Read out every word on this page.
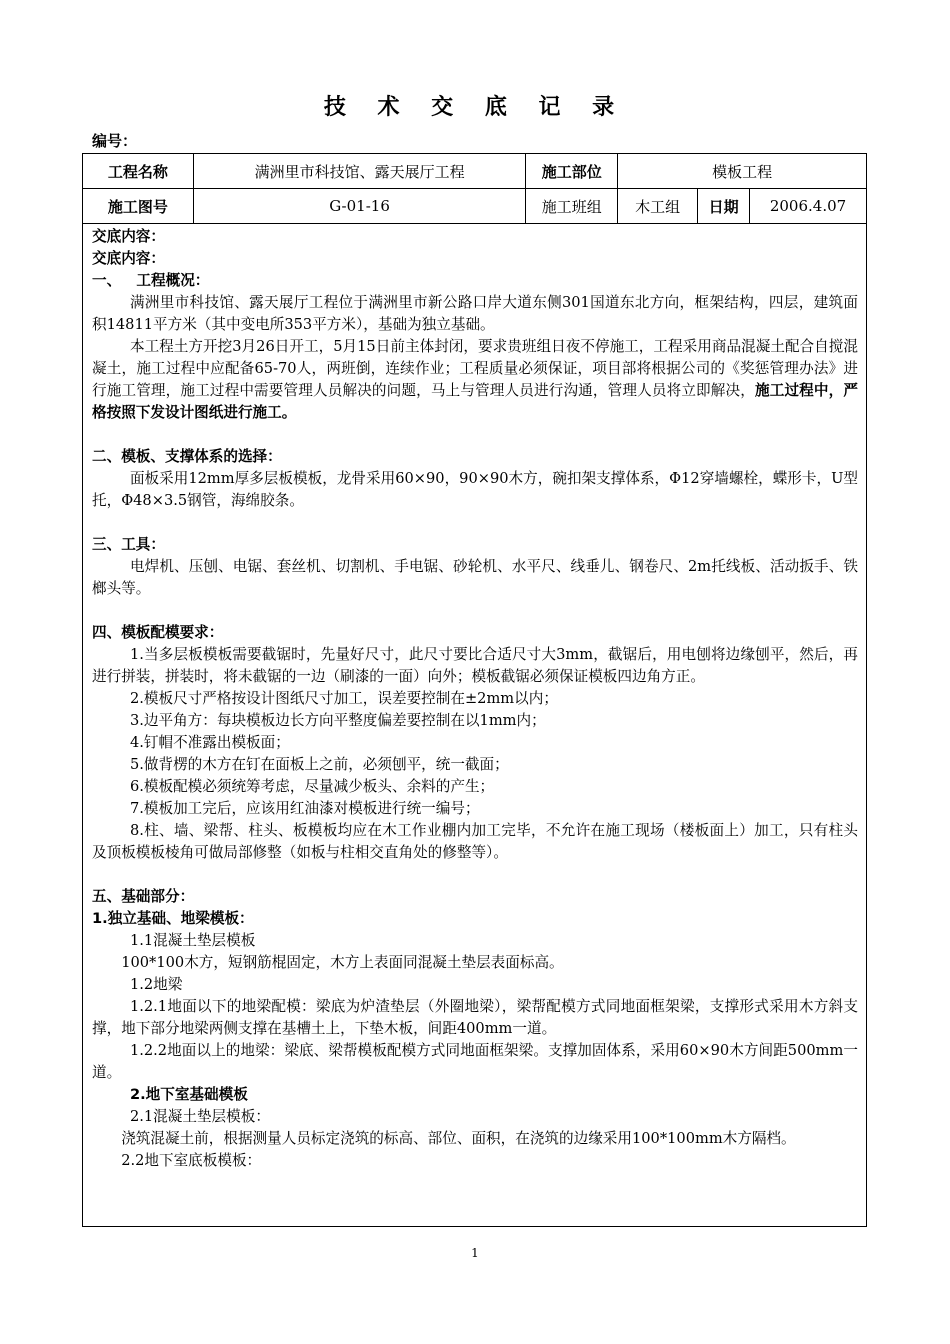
技 术 交 底 记 录
编号：
工程名称	满洲里市科技馆、露天展厅工程	施工部位	模板工程		
施工图号	G-01-16	施工班组	木工组	日期	2006.4.07

交底内容：

交底内容：

一、   工程概况：

满洲里市科技馆、露天展厅工程位于满洲里市新公路口岸大道东侧301国道东北方向，框架结构，四层，建筑面积14811平方米（其中变电所353平方米），基础为独立基础。

本工程土方开挖3月26日开工，5月15日前主体封闭，要求贵班组日夜不停施工，工程采用商品混凝土配合自搅混凝土，施工过程中应配备65-70人，两班倒，连续作业；工程质量必须保证，项目部将根据公司的《奖惩管理办法》进行施工管理，施工过程中需要管理人员解决的问题，马上与管理人员进行沟通，管理人员将立即解决，施工过程中，严格按照下发设计图纸进行施工。

二、模板、支撑体系的选择：

面板采用12mm厚多层板模板，龙骨采用60×90，90×90木方，碗扣架支撑体系，Φ12穿墙螺栓，蝶形卡，U型托，Φ48×3.5钢管，海绵胶条。

三、工具：

电焊机、压刨、电锯、套丝机、切割机、手电锯、砂轮机、水平尺、线垂儿、钢卷尺、2m托线板、活动扳手、铁榔头等。

四、模板配模要求：

1.当多层板模板需要截锯时，先量好尺寸，此尺寸要比合适尺寸大3mm，截锯后，用电刨将边缘刨平，然后，再进行拼装，拼装时，将未截锯的一边（刷漆的一面）向外；模板截锯必须保证模板四边角方正。

2.模板尺寸严格按设计图纸尺寸加工，误差要控制在±2mm以内；

3.边平角方：每块模板边长方向平整度偏差要控制在以1mm内；

4.钉帽不准露出模板面；

5.做背楞的木方在钉在面板上之前，必须刨平，统一截面；

6.模板配模必须统筹考虑，尽量减少板头、余料的产生；

7.模板加工完后，应该用红油漆对模板进行统一编号；

8.柱、墙、梁帮、柱头、板模板均应在木工作业棚内加工完毕，不允许在施工现场（楼板面上）加工，只有柱头及顶板模板棱角可做局部修整（如板与柱相交直角处的修整等）。

五、基础部分：

1.独立基础、地梁模板：

1.1混凝土垫层模板

100*100木方，短钢筋棍固定，木方上表面同混凝土垫层表面标高。

1.2地梁

1.2.1地面以下的地梁配模：梁底为炉渣垫层（外圈地梁），梁帮配模方式同地面框架梁，支撑形式采用木方斜支撑，地下部分地梁两侧支撑在基槽土上，下垫木板，间距400mm一道。

1.2.2地面以上的地梁：梁底、梁帮模板配模方式同地面框架梁。支撑加固体系，采用60×90木方间距500mm一道。

2.地下室基础模板

2.1混凝土垫层模板：

浇筑混凝土前，根据测量人员标定浇筑的标高、部位、面积，在浇筑的边缘采用100*100mm木方隔档。

2.2地下室底板模板：

1
